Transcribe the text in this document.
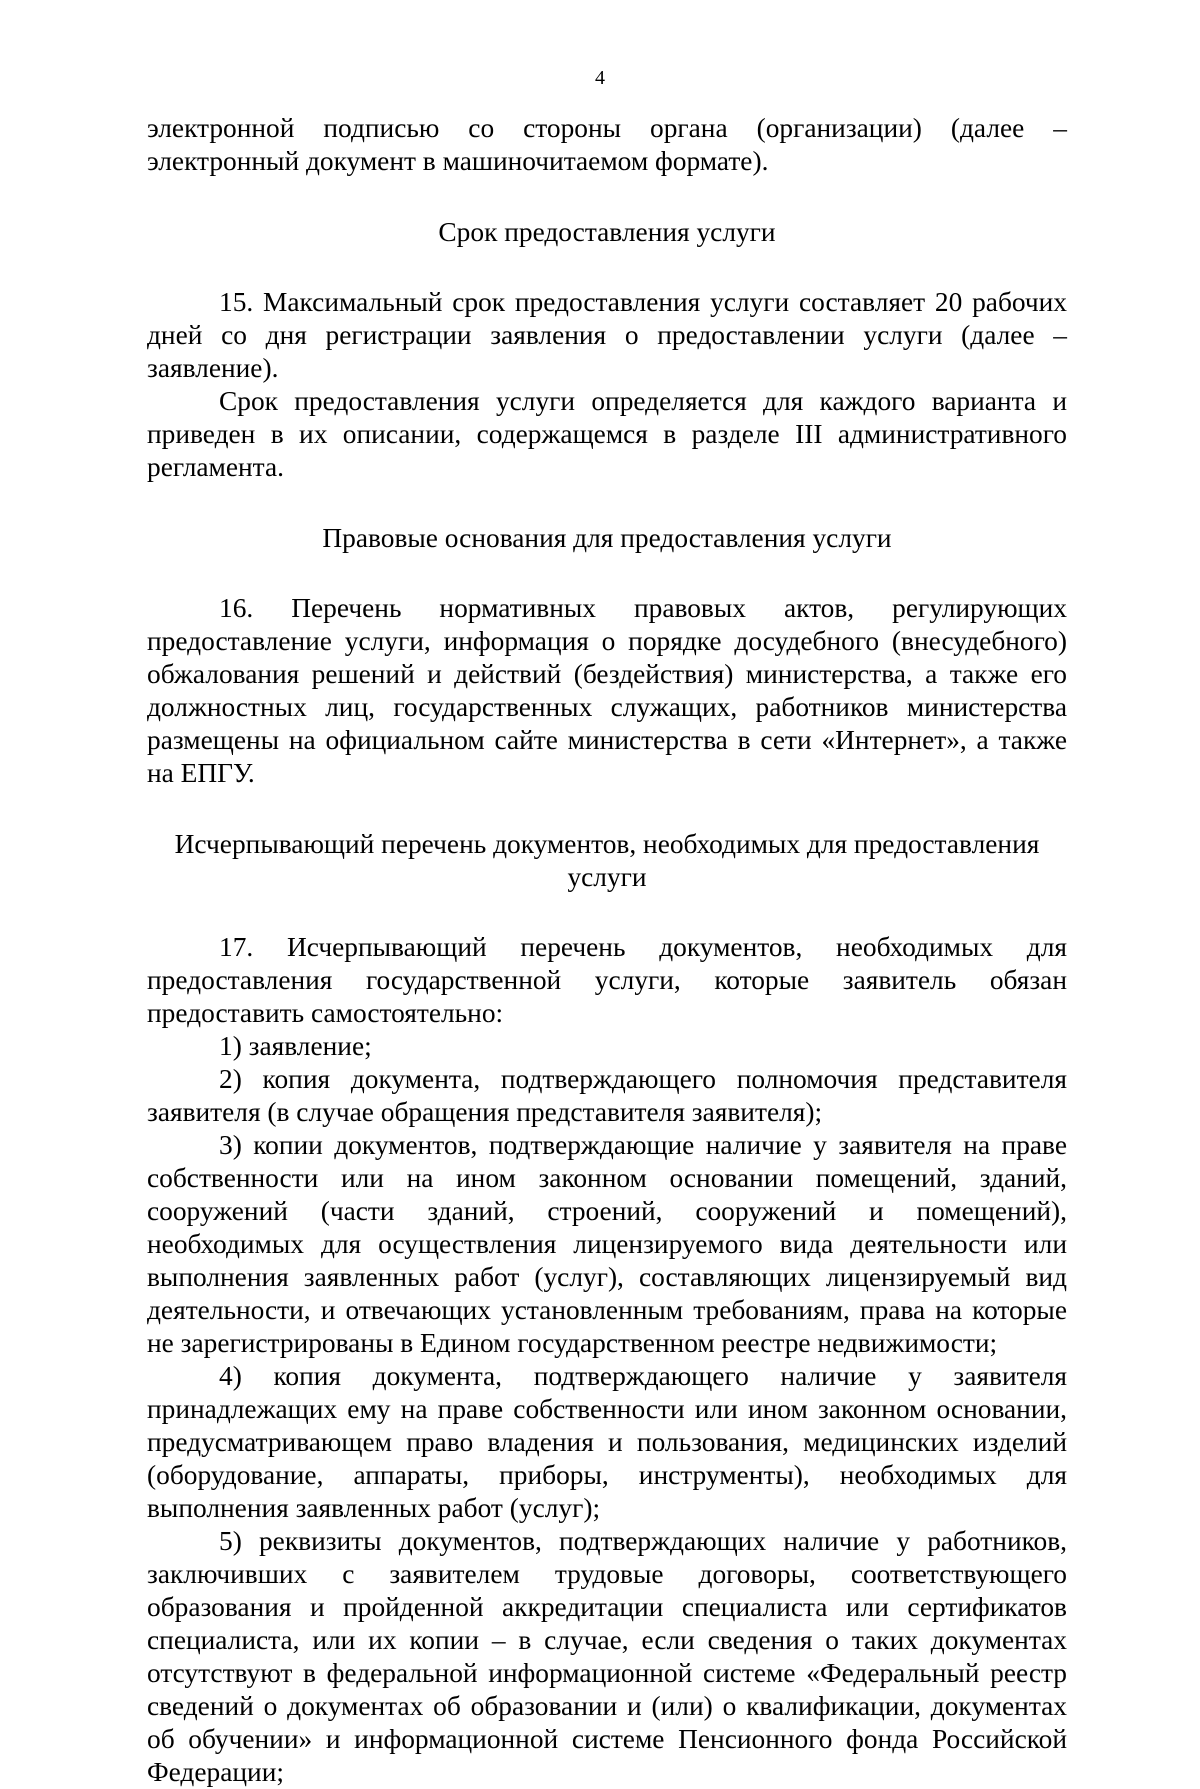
4

электронной подписью со стороны органа (организации) (далее – электронный документ в машиночитаемом формате).

Срок предоставления услуги

15. Максимальный срок предоставления услуги составляет 20 рабочих дней со дня регистрации заявления о предоставлении услуги (далее – заявление).

Срок предоставления услуги определяется для каждого варианта и приведен в их описании, содержащемся в разделе III административного регламента.

Правовые основания для предоставления услуги

16. Перечень нормативных правовых актов, регулирующих предоставление услуги, информация о порядке досудебного (внесудебного) обжалования решений и действий (бездействия) министерства, а также его должностных лиц, государственных служащих, работников министерства размещены на официальном сайте министерства в сети «Интернет», а также на ЕПГУ.

Исчерпывающий перечень документов, необходимых для предоставления услуги

17. Исчерпывающий перечень документов, необходимых для предоставления государственной услуги, которые заявитель обязан предоставить самостоятельно:

1) заявление;

2) копия документа, подтверждающего полномочия представителя заявителя (в случае обращения представителя заявителя);

3) копии документов, подтверждающие наличие у заявителя на праве собственности или на ином законном основании помещений, зданий, сооружений (части зданий, строений, сооружений и помещений), необходимых для осуществления лицензируемого вида деятельности или выполнения заявленных работ (услуг), составляющих лицензируемый вид деятельности, и отвечающих установленным требованиям, права на которые не зарегистрированы в Едином государственном реестре недвижимости;

4) копия документа, подтверждающего наличие у заявителя принадлежащих ему на праве собственности или ином законном основании, предусматривающем право владения и пользования, медицинских изделий (оборудование, аппараты, приборы, инструменты), необходимых для выполнения заявленных работ (услуг);

5) реквизиты документов, подтверждающих наличие у работников, заключивших с заявителем трудовые договоры, соответствующего образования и пройденной аккредитации специалиста или сертификатов специалиста, или их копии – в случае, если сведения о таких документах отсутствуют в федеральной информационной системе «Федеральный реестр сведений о документах об образовании и (или) о квалификации, документах об обучении» и информационной системе Пенсионного фонда Российской Федерации;
